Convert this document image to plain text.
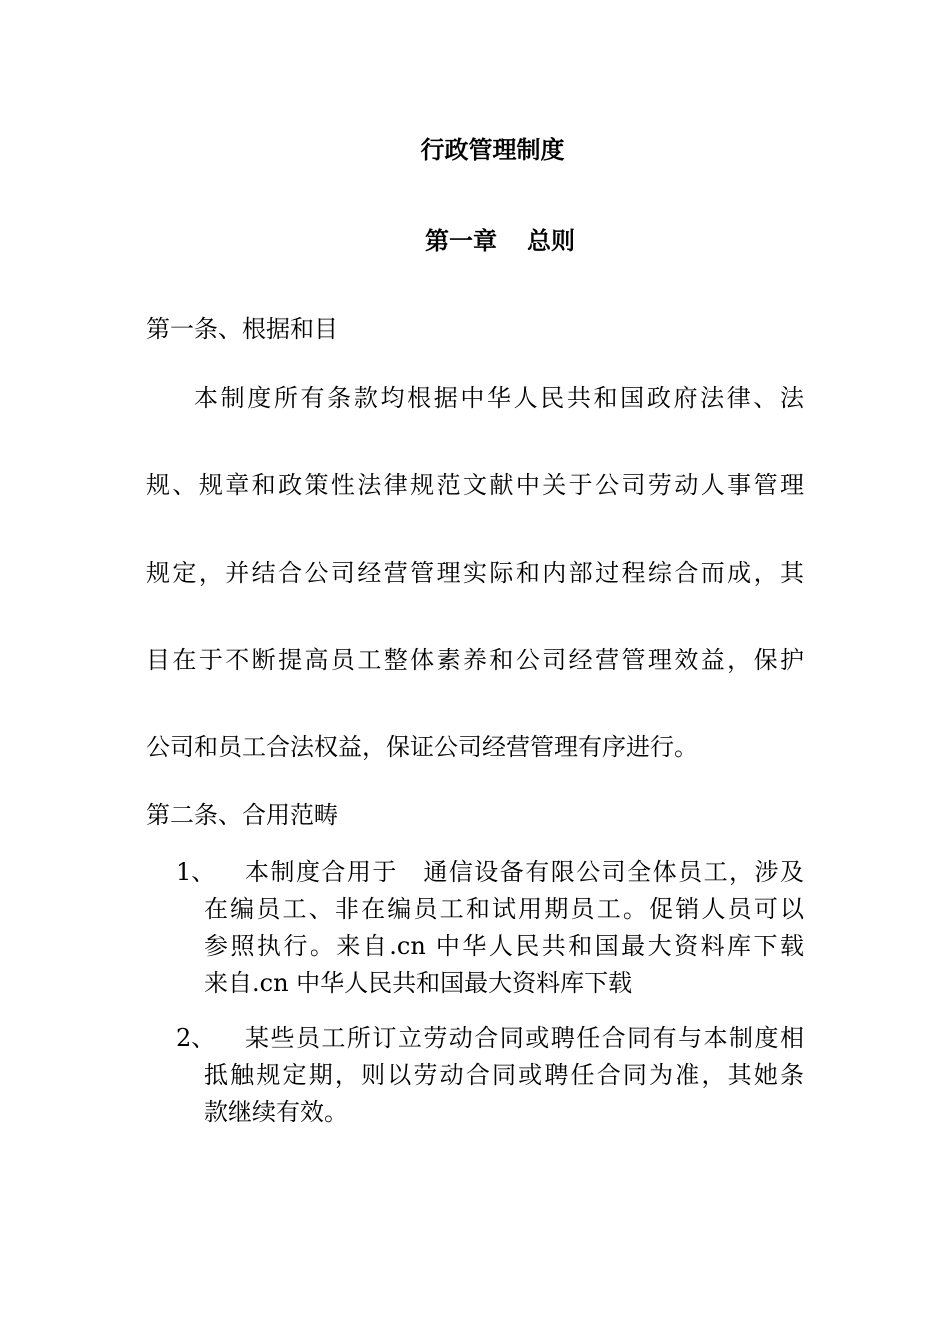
行政管理制度
第一章 总则
第一条、根据和目
本制度所有条款均根据中华人民共和国政府法律、法
规、规章和政策性法律规范文献中关于公司劳动人事管理
规定，并结合公司经营管理实际和内部过程综合而成，其
目在于不断提高员工整体素养和公司经营管理效益，保护
公司和员工合法权益，保证公司经营管理有序进行。
第二条、合用范畴
1、 本制度合用于　通信设备有限公司全体员工，涉及
在编员工、非在编员工和试用期员工。促销人员可以
参照执行。来自.cn 中华人民共和国最大资料库下载
来自.cn 中华人民共和国最大资料库下载
2、 某些员工所订立劳动合同或聘任合同有与本制度相
抵触规定期，则以劳动合同或聘任合同为准，其她条
款继续有效。
